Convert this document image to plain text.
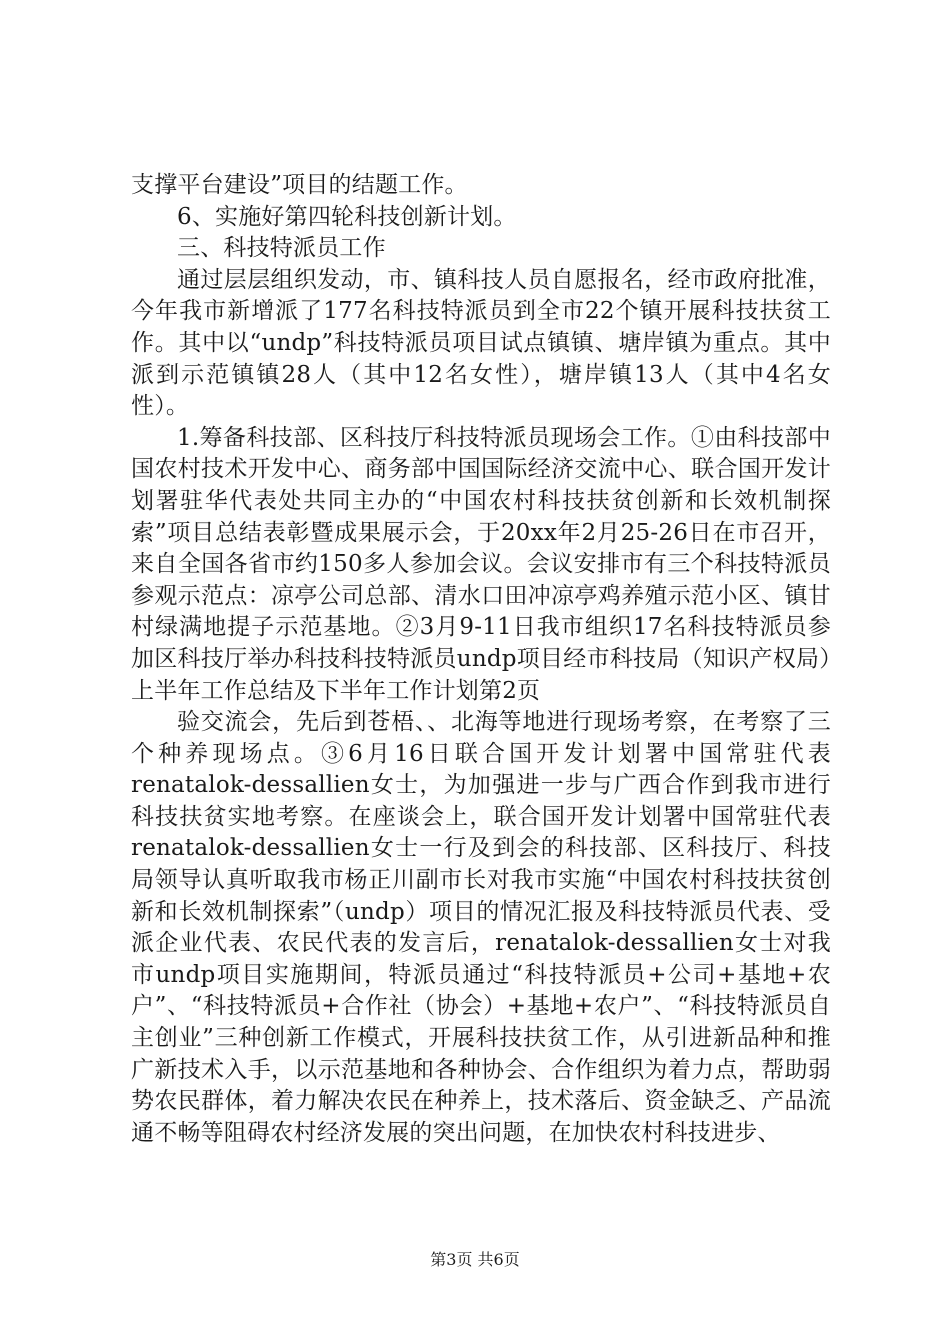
支撑平台建设”项目的结题工作。

6、实施好第四轮科技创新计划。

三、科技特派员工作

通过层层组织发动，市、镇科技人员自愿报名，经市政府批准，今年我市新增派了177名科技特派员到全市22个镇开展科技扶贫工作。其中以“undp”科技特派员项目试点镇镇、塘岸镇为重点。其中派到示范镇镇28人（其中12名女性），塘岸镇13人（其中4名女性）。

1.筹备科技部、区科技厅科技特派员现场会工作。①由科技部中国农村技术开发中心、商务部中国国际经济交流中心、联合国开发计划署驻华代表处共同主办的“中国农村科技扶贫创新和长效机制探索”项目总结表彰暨成果展示会，于20xx年2月25-26日在市召开，来自全国各省市约150多人参加会议。会议安排市有三个科技特派员参观示范点：凉亭公司总部、清水口田冲凉亭鸡养殖示范小区、镇甘村绿满地提子示范基地。②3月9-11日我市组织17名科技特派员参加区科技厅举办科技科技特派员undp项目经市科技局（知识产权局）上半年工作总结及下半年工作计划第2页

验交流会，先后到苍梧、、北海等地进行现场考察，在考察了三个种养现场点。③6月16日联合国开发计划署中国常驻代表renatalok-dessallien女士，为加强进一步与广西合作到我市进行科技扶贫实地考察。在座谈会上，联合国开发计划署中国常驻代表renatalok-dessallien女士一行及到会的科技部、区科技厅、科技局领导认真听取我市杨正川副市长对我市实施“中国农村科技扶贫创新和长效机制探索”（undp）项目的情况汇报及科技特派员代表、受派企业代表、农民代表的发言后，renatalok-dessallien女士对我市undp项目实施期间，特派员通过“科技特派员+公司+基地+农户”、“科技特派员+合作社（协会）+基地+农户”、“科技特派员自主创业”三种创新工作模式，开展科技扶贫工作，从引进新品种和推广新技术入手，以示范基地和各种协会、合作组织为着力点，帮助弱势农民群体，着力解决农民在种养上，技术落后、资金缺乏、产品流通不畅等阻碍农村经济发展的突出问题，在加快农村科技进步、

第3页 共6页
